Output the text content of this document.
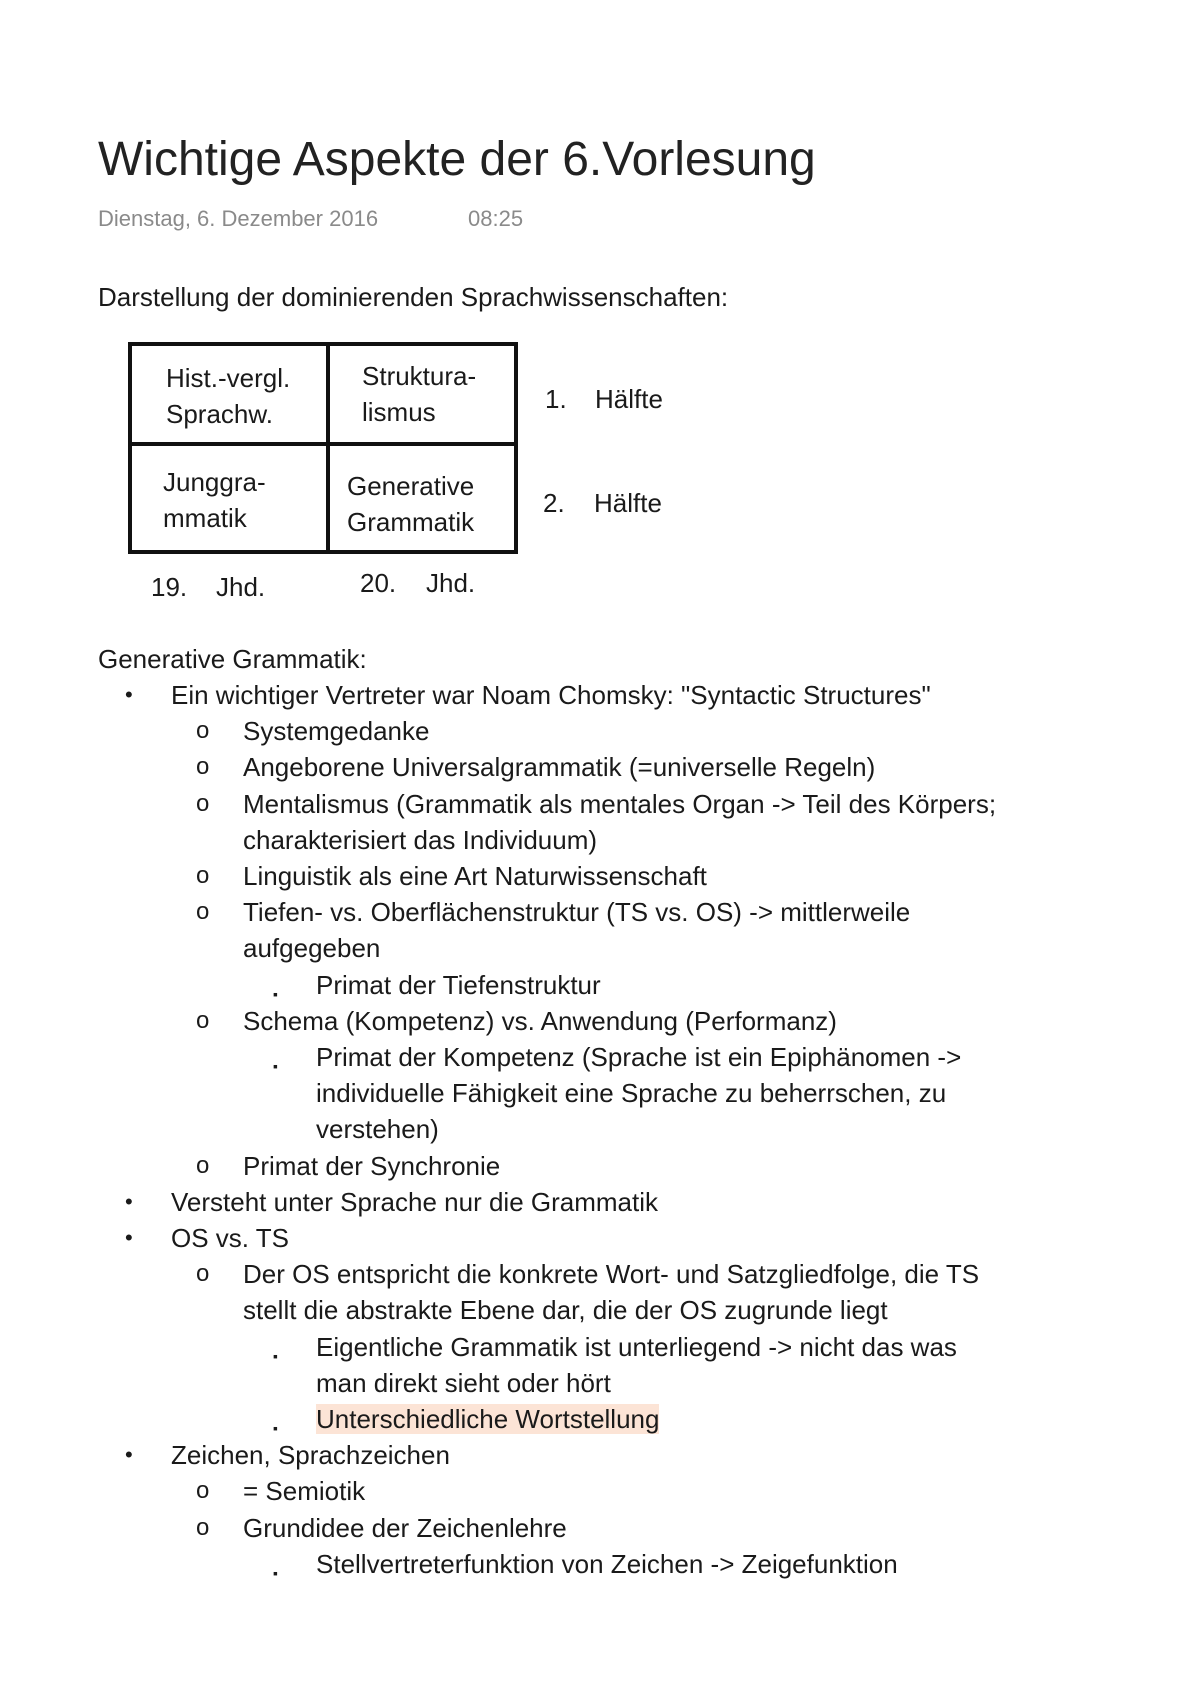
Wichtige Aspekte der 6.Vorlesung
Dienstag, 6. Dezember 2016	08:25
Darstellung der dominierenden Sprachwissenschaften:
Hist.-vergl.
Sprachw.
Struktura-
lismus
Junggra-
mmatik
Generative
Grammatik
1. Hälfte
2. Hälfte
19. Jhd.	20. Jhd.
Generative Grammatik:
• Ein wichtiger Vertreter war Noam Chomsky: "Syntactic Structures"
o Systemgedanke
o Angeborene Universalgrammatik (=universelle Regeln)
o Mentalismus (Grammatik als mentales Organ -> Teil des Körpers;
charakterisiert das Individuum)
o Linguistik als eine Art Naturwissenschaft
o Tiefen- vs. Oberflächenstruktur (TS vs. OS) -> mittlerweile
aufgegeben
▪ Primat der Tiefenstruktur
o Schema (Kompetenz) vs. Anwendung (Performanz)
▪ Primat der Kompetenz (Sprache ist ein Epiphänomen ->
individuelle Fähigkeit eine Sprache zu beherrschen, zu
verstehen)
o Primat der Synchronie
• Versteht unter Sprache nur die Grammatik
• OS vs. TS
o Der OS entspricht die konkrete Wort- und Satzgliedfolge, die TS
stellt die abstrakte Ebene dar, die der OS zugrunde liegt
▪ Eigentliche Grammatik ist unterliegend -> nicht das was
man direkt sieht oder hört
▪ Unterschiedliche Wortstellung
• Zeichen, Sprachzeichen
o = Semiotik
o Grundidee der Zeichenlehre
▪ Stellvertreterfunktion von Zeichen -> Zeigefunktion
